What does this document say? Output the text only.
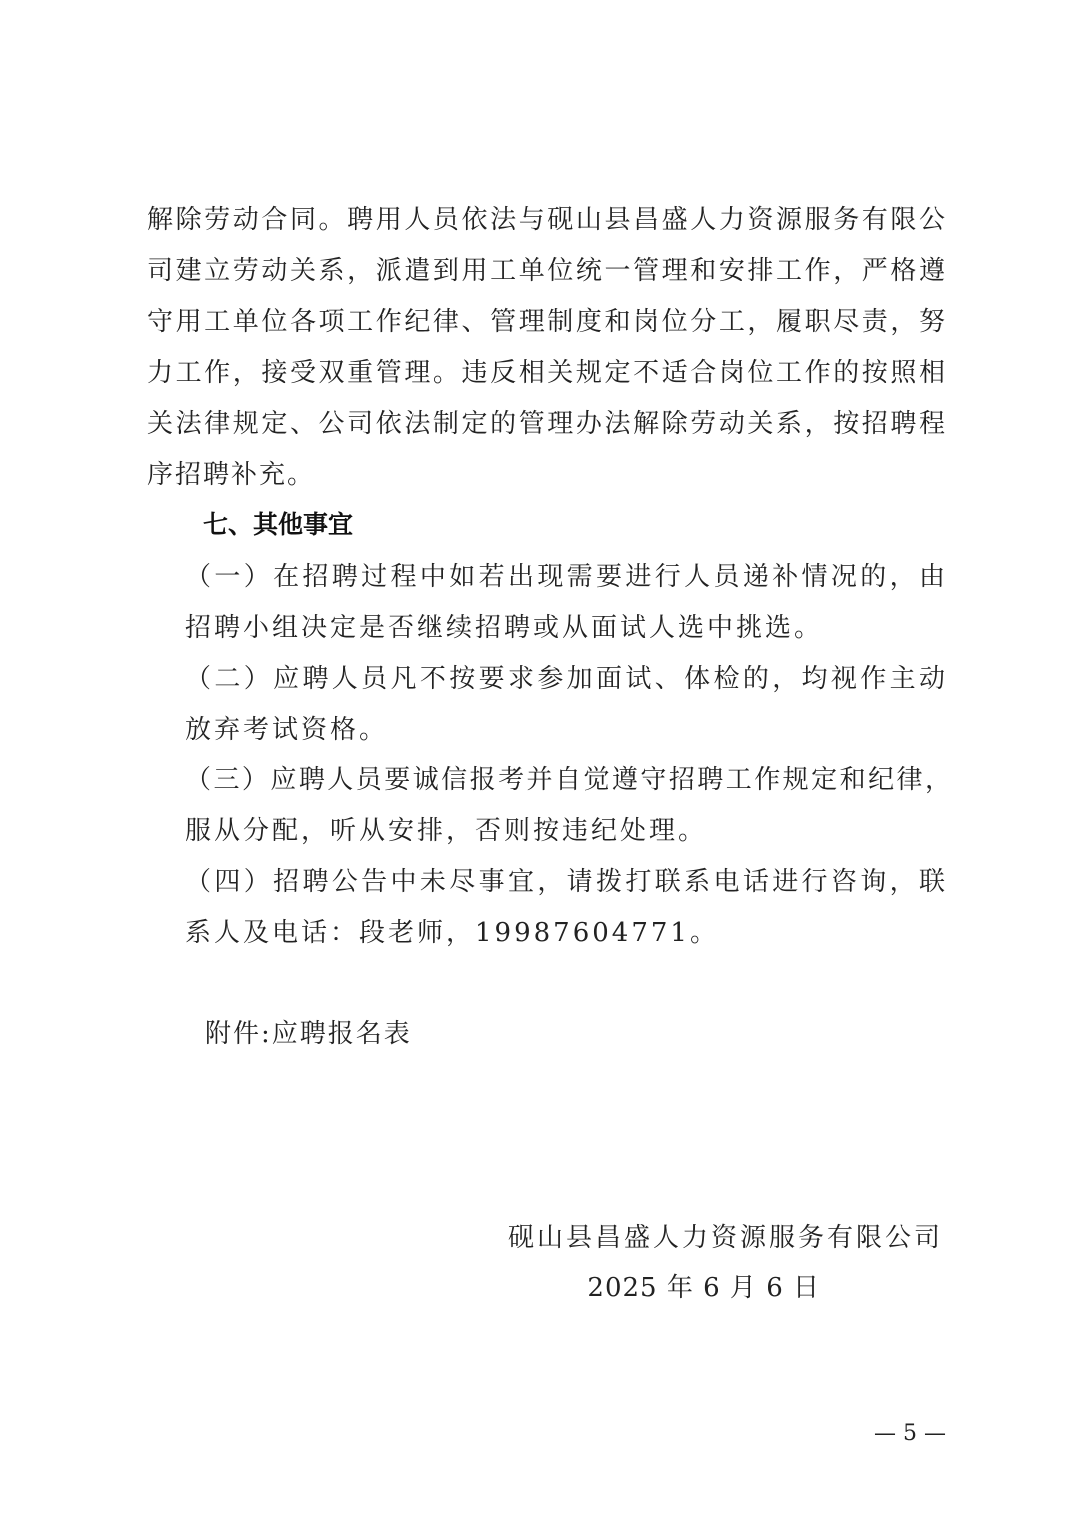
解除劳动合同。聘用人员依法与砚山县昌盛人力资源服务有限公
司建立劳动关系，派遣到用工单位统一管理和安排工作，严格遵
守用工单位各项工作纪律、管理制度和岗位分工，履职尽责，努
力工作，接受双重管理。违反相关规定不适合岗位工作的按照相
关法律规定、公司依法制定的管理办法解除劳动关系，按招聘程
序招聘补充。
七、其他事宜
（一）在招聘过程中如若出现需要进行人员递补情况的，由
招聘小组决定是否继续招聘或从面试人选中挑选。
（二）应聘人员凡不按要求参加面试、体检的，均视作主动
放弃考试资格。
（三）应聘人员要诚信报考并自觉遵守招聘工作规定和纪律，
服从分配，听从安排，否则按违纪处理。
（四）招聘公告中未尽事宜，请拨打联系电话进行咨询，联
系人及电话：段老师，19987604771。
附件:应聘报名表
砚山县昌盛人力资源服务有限公司
2025 年 6 月 6 日
— 5 —
